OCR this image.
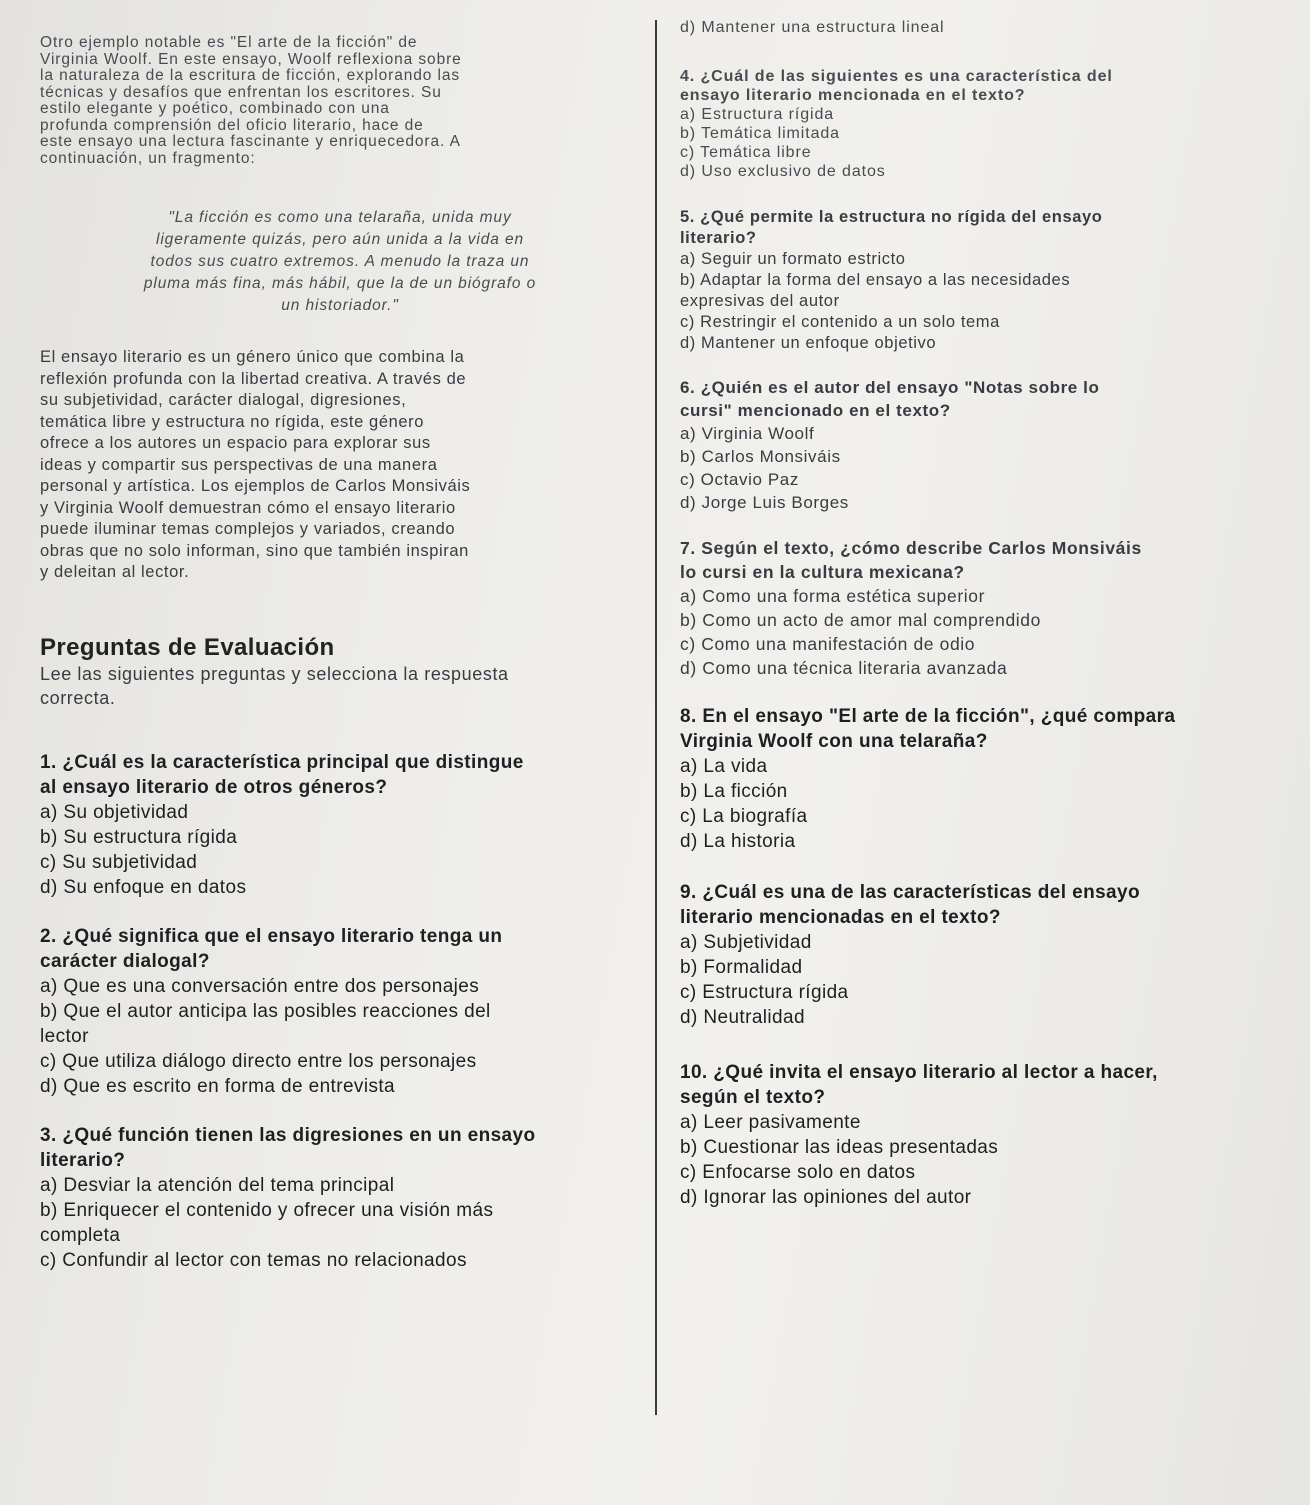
Otro ejemplo notable es "El arte de la ficción" de
Virginia Woolf. En este ensayo, Woolf reflexiona sobre
la naturaleza de la escritura de ficción, explorando las
técnicas y desafíos que enfrentan los escritores. Su
estilo elegante y poético, combinado con una
profunda comprensión del oficio literario, hace de
este ensayo una lectura fascinante y enriquecedora. A
continuación, un fragmento:
"La ficción es como una telaraña, unida muy
ligeramente quizás, pero aún unida a la vida en
todos sus cuatro extremos. A menudo la traza un
pluma más fina, más hábil, que la de un biógrafo o
un historiador."
El ensayo literario es un género único que combina la
reflexión profunda con la libertad creativa. A través de
su subjetividad, carácter dialogal, digresiones,
temática libre y estructura no rígida, este género
ofrece a los autores un espacio para explorar sus
ideas y compartir sus perspectivas de una manera
personal y artística. Los ejemplos de Carlos Monsiváis
y Virginia Woolf demuestran cómo el ensayo literario
puede iluminar temas complejos y variados, creando
obras que no solo informan, sino que también inspiran
y deleitan al lector.
Preguntas de Evaluación
Lee las siguientes preguntas y selecciona la respuesta
correcta.
1. ¿Cuál es la característica principal que distingue
al ensayo literario de otros géneros?
a) Su objetividad
b) Su estructura rígida
c) Su subjetividad
d) Su enfoque en datos
2. ¿Qué significa que el ensayo literario tenga un
carácter dialogal?
a) Que es una conversación entre dos personajes
b) Que el autor anticipa las posibles reacciones del
lector
c) Que utiliza diálogo directo entre los personajes
d) Que es escrito en forma de entrevista
3. ¿Qué función tienen las digresiones en un ensayo
literario?
a) Desviar la atención del tema principal
b) Enriquecer el contenido y ofrecer una visión más
completa
c) Confundir al lector con temas no relacionados
d) Mantener una estructura lineal
4. ¿Cuál de las siguientes es una característica del
ensayo literario mencionada en el texto?
a) Estructura rígida
b) Temática limitada
c) Temática libre
d) Uso exclusivo de datos
5. ¿Qué permite la estructura no rígida del ensayo
literario?
a) Seguir un formato estricto
b) Adaptar la forma del ensayo a las necesidades
expresivas del autor
c) Restringir el contenido a un solo tema
d) Mantener un enfoque objetivo
6. ¿Quién es el autor del ensayo "Notas sobre lo
cursi" mencionado en el texto?
a) Virginia Woolf
b) Carlos Monsiváis
c) Octavio Paz
d) Jorge Luis Borges
7. Según el texto, ¿cómo describe Carlos Monsiváis
lo cursi en la cultura mexicana?
a) Como una forma estética superior
b) Como un acto de amor mal comprendido
c) Como una manifestación de odio
d) Como una técnica literaria avanzada
8. En el ensayo "El arte de la ficción", ¿qué compara
Virginia Woolf con una telaraña?
a) La vida
b) La ficción
c) La biografía
d) La historia
9. ¿Cuál es una de las características del ensayo
literario mencionadas en el texto?
a) Subjetividad
b) Formalidad
c) Estructura rígida
d) Neutralidad
10. ¿Qué invita el ensayo literario al lector a hacer,
según el texto?
a) Leer pasivamente
b) Cuestionar las ideas presentadas
c) Enfocarse solo en datos
d) Ignorar las opiniones del autor
